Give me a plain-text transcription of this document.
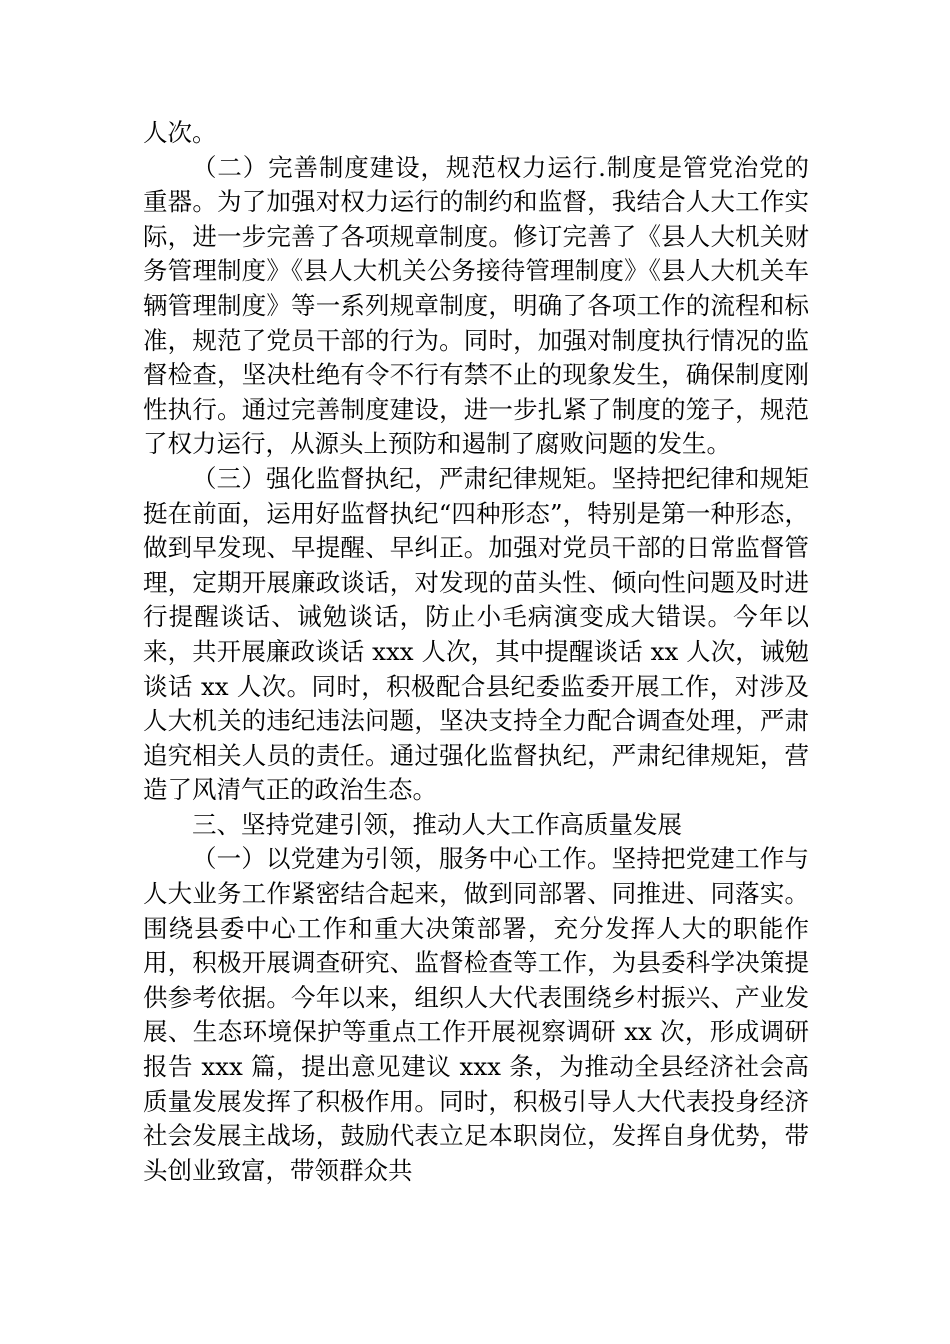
人次。

（二）完善制度建设，规范权力运行.制度是管党治党的重器。为了加强对权力运行的制约和监督，我结合人大工作实际，进一步完善了各项规章制度。修订完善了《县人大机关财务管理制度》《县人大机关公务接待管理制度》《县人大机关车辆管理制度》等一系列规章制度，明确了各项工作的流程和标准，规范了党员干部的行为。同时，加强对制度执行情况的监督检查，坚决杜绝有令不行有禁不止的现象发生，确保制度刚性执行。通过完善制度建设，进一步扎紧了制度的笼子，规范了权力运行，从源头上预防和遏制了腐败问题的发生。

（三）强化监督执纪，严肃纪律规矩。坚持把纪律和规矩挺在前面，运用好监督执纪“四种形态”，特别是第一种形态，做到早发现、早提醒、早纠正。加强对党员干部的日常监督管理，定期开展廉政谈话，对发现的苗头性、倾向性问题及时进行提醒谈话、诫勉谈话，防止小毛病演变成大错误。今年以来，共开展廉政谈话 xxx 人次，其中提醒谈话 xx 人次，诫勉谈话 xx 人次。同时，积极配合县纪委监委开展工作，对涉及人大机关的违纪违法问题，坚决支持全力配合调查处理，严肃追究相关人员的责任。通过强化监督执纪，严肃纪律规矩，营造了风清气正的政治生态。

三、坚持党建引领，推动人大工作高质量发展

（一）以党建为引领，服务中心工作。坚持把党建工作与人大业务工作紧密结合起来，做到同部署、同推进、同落实。围绕县委中心工作和重大决策部署，充分发挥人大的职能作用，积极开展调查研究、监督检查等工作，为县委科学决策提供参考依据。今年以来，组织人大代表围绕乡村振兴、产业发展、生态环境保护等重点工作开展视察调研 xx 次，形成调研报告 xxx 篇，提出意见建议 xxx 条，为推动全县经济社会高质量发展发挥了积极作用。同时，积极引导人大代表投身经济社会发展主战场，鼓励代表立足本职岗位，发挥自身优势，带头创业致富，带领群众共
